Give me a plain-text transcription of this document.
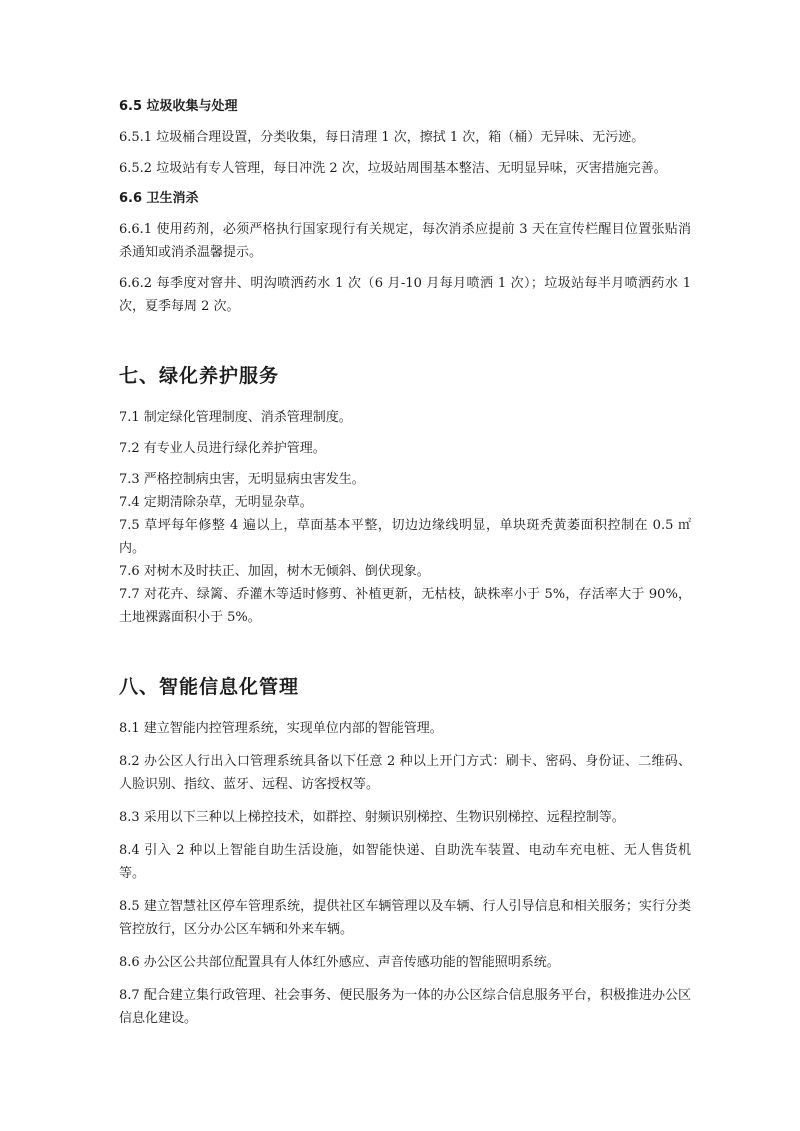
6.5 垃圾收集与处理

6.5.1 垃圾桶合理设置，分类收集，每日清理 1 次，擦拭 1 次，箱（桶）无异味、无污迹。

6.5.2 垃圾站有专人管理，每日冲洗 2 次，垃圾站周围基本整洁、无明显异味，灭害措施完善。

6.6 卫生消杀

6.6.1 使用药剂，必须严格执行国家现行有关规定，每次消杀应提前 3 天在宣传栏醒目位置张贴消杀通知或消杀温馨提示。

6.6.2 每季度对窨井、明沟喷洒药水 1 次（6 月-10 月每月喷洒 1 次）；垃圾站每半月喷洒药水 1 次，夏季每周 2 次。

七、绿化养护服务

7.1 制定绿化管理制度、消杀管理制度。

7.2 有专业人员进行绿化养护管理。

7.3 严格控制病虫害，无明显病虫害发生。

7.4 定期清除杂草，无明显杂草。

7.5 草坪每年修整 4 遍以上，草面基本平整，切边边缘线明显，单块斑秃黄萎面积控制在 0.5 ㎡内。

7.6 对树木及时扶正、加固，树木无倾斜、倒伏现象。

7.7 对花卉、绿篱、乔灌木等适时修剪、补植更新，无枯枝，缺株率小于 5%，存活率大于 90%，土地裸露面积小于 5%。

八、智能信息化管理

8.1 建立智能内控管理系统，实现单位内部的智能管理。

8.2 办公区人行出入口管理系统具备以下任意 2 种以上开门方式：刷卡、密码、身份证、二维码、人脸识别、指纹、蓝牙、远程、访客授权等。

8.3 采用以下三种以上梯控技术，如群控、射频识别梯控、生物识别梯控、远程控制等。

8.4 引入 2 种以上智能自助生活设施，如智能快递、自助洗车装置、电动车充电桩、无人售货机等。

8.5 建立智慧社区停车管理系统，提供社区车辆管理以及车辆、行人引导信息和相关服务；实行分类管控放行，区分办公区车辆和外来车辆。

8.6 办公区公共部位配置具有人体红外感应、声音传感功能的智能照明系统。

8.7 配合建立集行政管理、社会事务、便民服务为一体的办公区综合信息服务平台，积极推进办公区信息化建设。
